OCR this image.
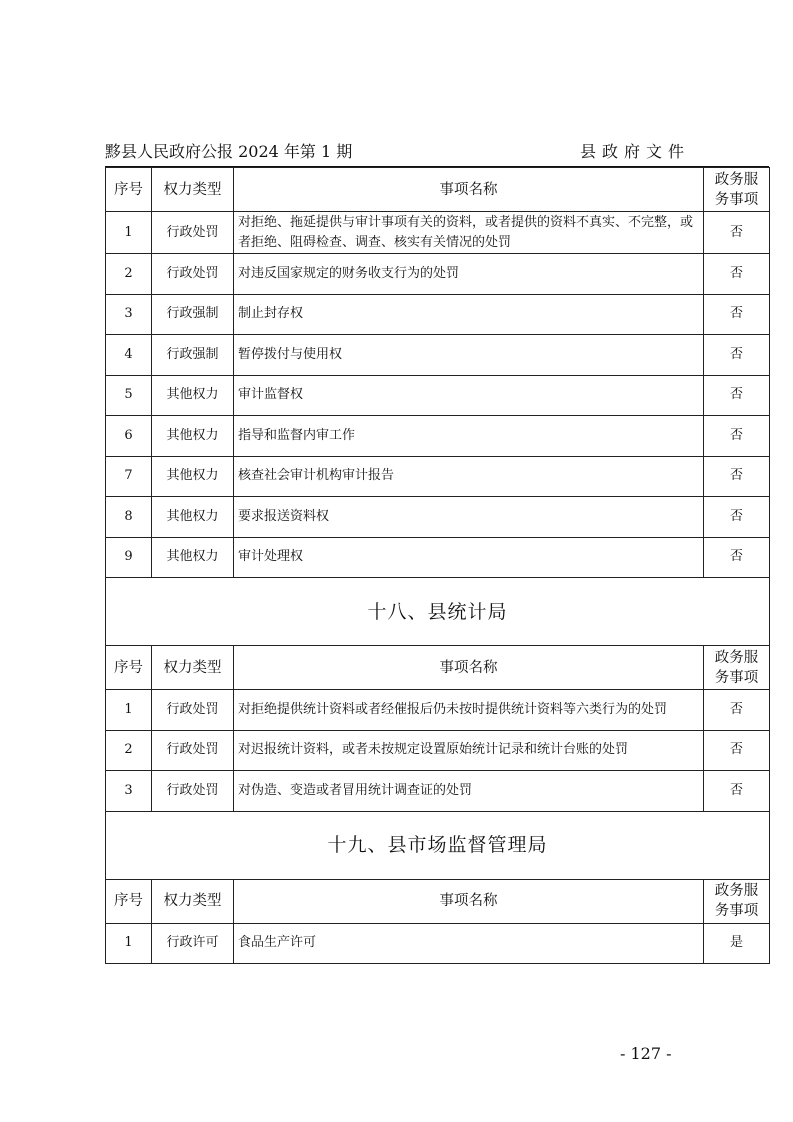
黟县人民政府公报 2024 年第 1 期	县政府文件
序号	权力类型	事项名称	政务服
务事项
1	行政处罚	对拒绝、拖延提供与审计事项有关的资料，或者提供的资料不真实、不完整，或者拒绝、阻碍检查、调查、核实有关情况的处罚	否
2	行政处罚	对违反国家规定的财务收支行为的处罚	否
3	行政强制	制止封存权	否
4	行政强制	暂停拨付与使用权	否
5	其他权力	审计监督权	否
6	其他权力	指导和监督内审工作	否
7	其他权力	核查社会审计机构审计报告	否
8	其他权力	要求报送资料权	否
9	其他权力	审计处理权	否
十八、县统计局			
序号	权力类型	事项名称	政务服
务事项
1	行政处罚	对拒绝提供统计资料或者经催报后仍未按时提供统计资料等六类行为的处罚	否
2	行政处罚	对迟报统计资料，或者未按规定设置原始统计记录和统计台账的处罚	否
3	行政处罚	对伪造、变造或者冒用统计调查证的处罚	否
十九、县市场监督管理局			
序号	权力类型	事项名称	政务服
务事项
1	行政许可	食品生产许可	是
- 127 -
